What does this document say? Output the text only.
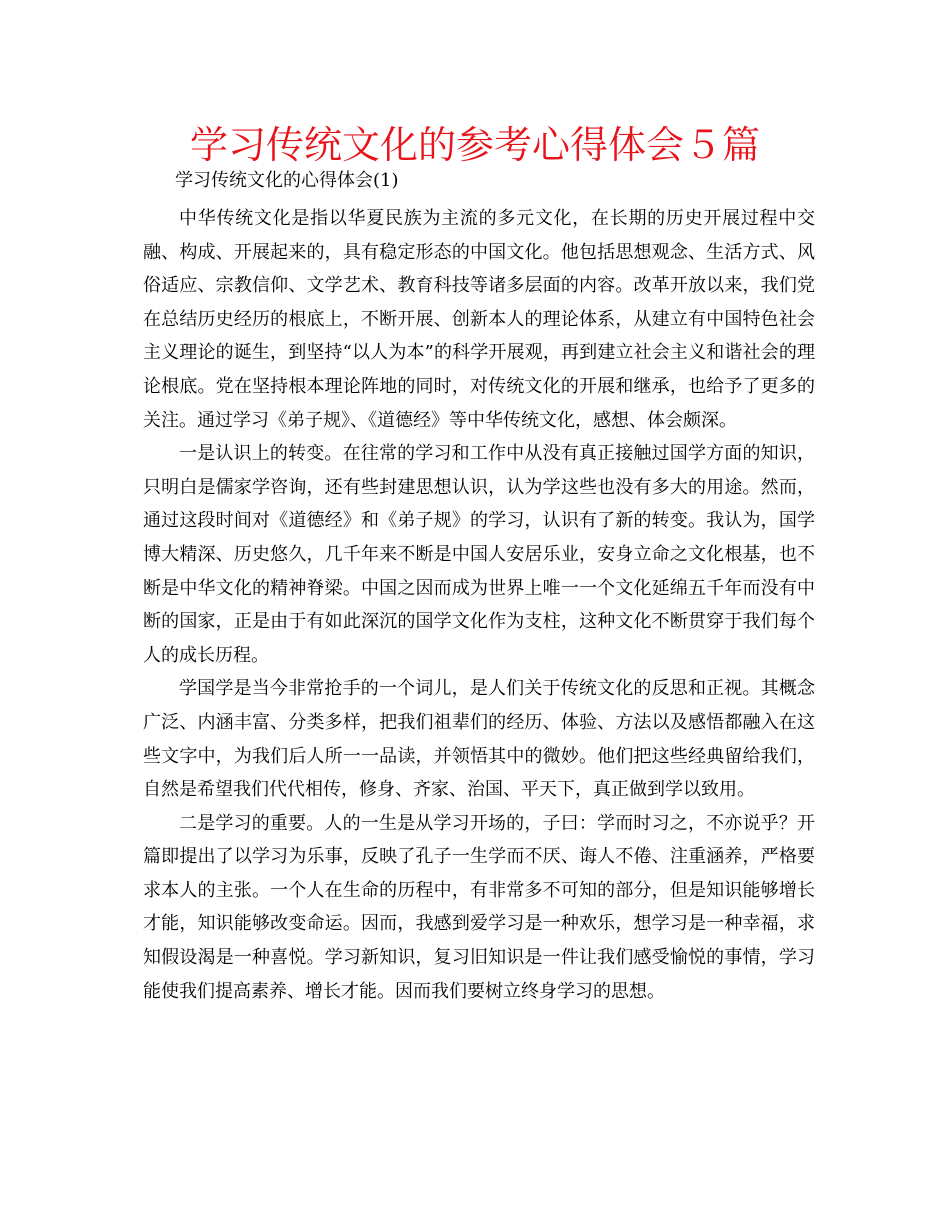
学习传统文化的参考心得体会５篇

学习传统文化的心得体会(1)

中华传统文化是指以华夏民族为主流的多元文化，在长期的历史开展过程中交融、构成、开展起来的，具有稳定形态的中国文化。他包括思想观念、生活方式、风俗适应、宗教信仰、文学艺术、教育科技等诸多层面的内容。改革开放以来，我们党在总结历史经历的根底上，不断开展、创新本人的理论体系，从建立有中国特色社会主义理论的诞生，到坚持“以人为本”的科学开展观，再到建立社会主义和谐社会的理论根底。党在坚持根本理论阵地的同时，对传统文化的开展和继承，也给予了更多的关注。通过学习《弟子规》、《道德经》等中华传统文化，感想、体会颇深。

一是认识上的转变。在往常的学习和工作中从没有真正接触过国学方面的知识，只明白是儒家学咨询，还有些封建思想认识，认为学这些也没有多大的用途。然而，通过这段时间对《道德经》和《弟子规》的学习，认识有了新的转变。我认为，国学博大精深、历史悠久，几千年来不断是中国人安居乐业，安身立命之文化根基，也不断是中华文化的精神脊梁。中国之因而成为世界上唯一一个文化延绵五千年而没有中断的国家，正是由于有如此深沉的国学文化作为支柱，这种文化不断贯穿于我们每个人的成长历程。

学国学是当今非常抢手的一个词儿，是人们关于传统文化的反思和正视。其概念广泛、内涵丰富、分类多样，把我们祖辈们的经历、体验、方法以及感悟都融入在这些文字中，为我们后人所一一品读，并领悟其中的微妙。他们把这些经典留给我们，自然是希望我们代代相传，修身、齐家、治国、平天下，真正做到学以致用。

二是学习的重要。人的一生是从学习开场的，子曰：学而时习之，不亦说乎？开篇即提出了以学习为乐事，反映了孔子一生学而不厌、诲人不倦、注重涵养，严格要求本人的主张。一个人在生命的历程中，有非常多不可知的部分，但是知识能够增长才能，知识能够改变命运。因而，我感到爱学习是一种欢乐，想学习是一种幸福，求知假设渴是一种喜悦。学习新知识，复习旧知识是一件让我们感受愉悦的事情，学习能使我们提高素养、增长才能。因而我们要树立终身学习的思想。
